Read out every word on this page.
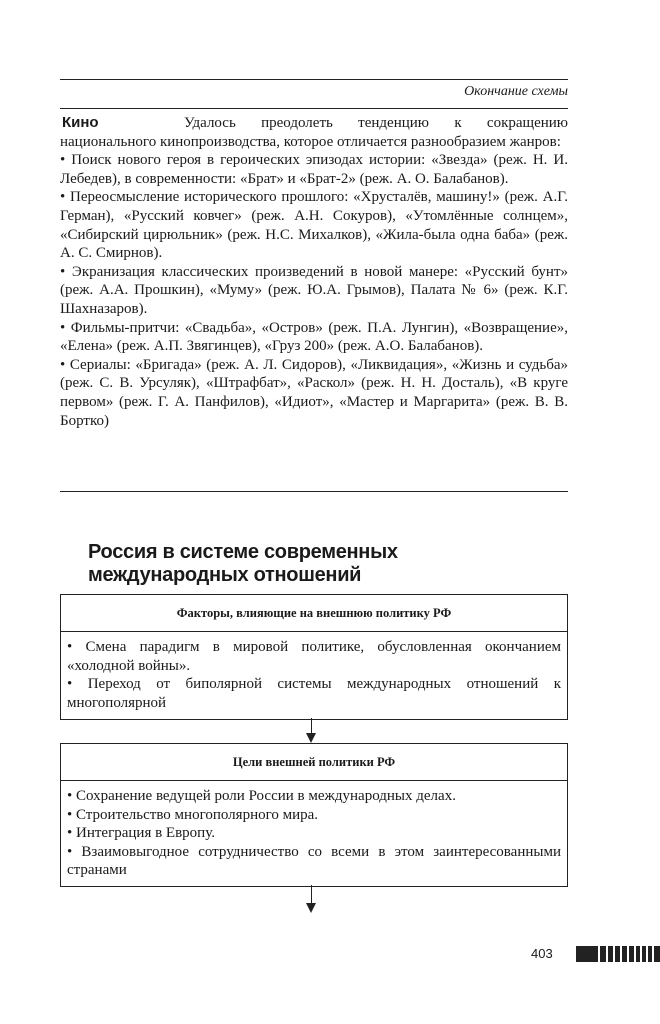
Окончание схемы
Кино	Удалось преодолеть тенденцию к сокращению национального кинопроизводства, которое отличается разнообразием жанров:

• Поиск нового героя в героических эпизодах истории: «Звезда» (реж. Н. И. Лебедев), в современности: «Брат» и «Брат-2» (реж. А. О. Балабанов).

• Переосмысление исторического прошлого: «Хрусталёв, машину!» (реж. А.Г. Герман), «Русский ковчег» (реж. А.Н. Сокуров), «Утомлённые солнцем», «Сибирский цирюльник» (реж. Н.С. Михалков), «Жила-была одна баба» (реж. А. С. Смирнов).

• Экранизация классических произведений в новой манере: «Русский бунт» (реж. А.А. Прошкин), «Муму» (реж. Ю.А. Грымов), Палата № 6» (реж. К.Г. Шахназаров).

• Фильмы-притчи: «Свадьба», «Остров» (реж. П.А. Лунгин), «Возвращение», «Елена» (реж. А.П. Звягинцев), «Груз 200» (реж. А.О. Балабанов).

• Сериалы: «Бригада» (реж. А. Л. Сидоров), «Ликвидация», «Жизнь и судьба» (реж. С. В. Урсуляк), «Штрафбат», «Раскол» (реж. Н. Н. Досталь), «В круге первом» (реж. Г. А. Панфилов), «Идиот», «Мастер и Маргарита» (реж. В. В. Бортко)

Россия в системе современных
международных отношений
Факторы, влияющие на внешнюю политику РФ

• Смена парадигм в мировой политике, обусловленная окончанием «холодной войны».

• Переход от биполярной системы международных отношений к многополярной

Цели внешней политики РФ

• Сохранение ведущей роли России в международных делах.

• Строительство многополярного мира.

• Интеграция в Европу.

• Взаимовыгодное сотрудничество со всеми в этом заинтересованными странами

403
